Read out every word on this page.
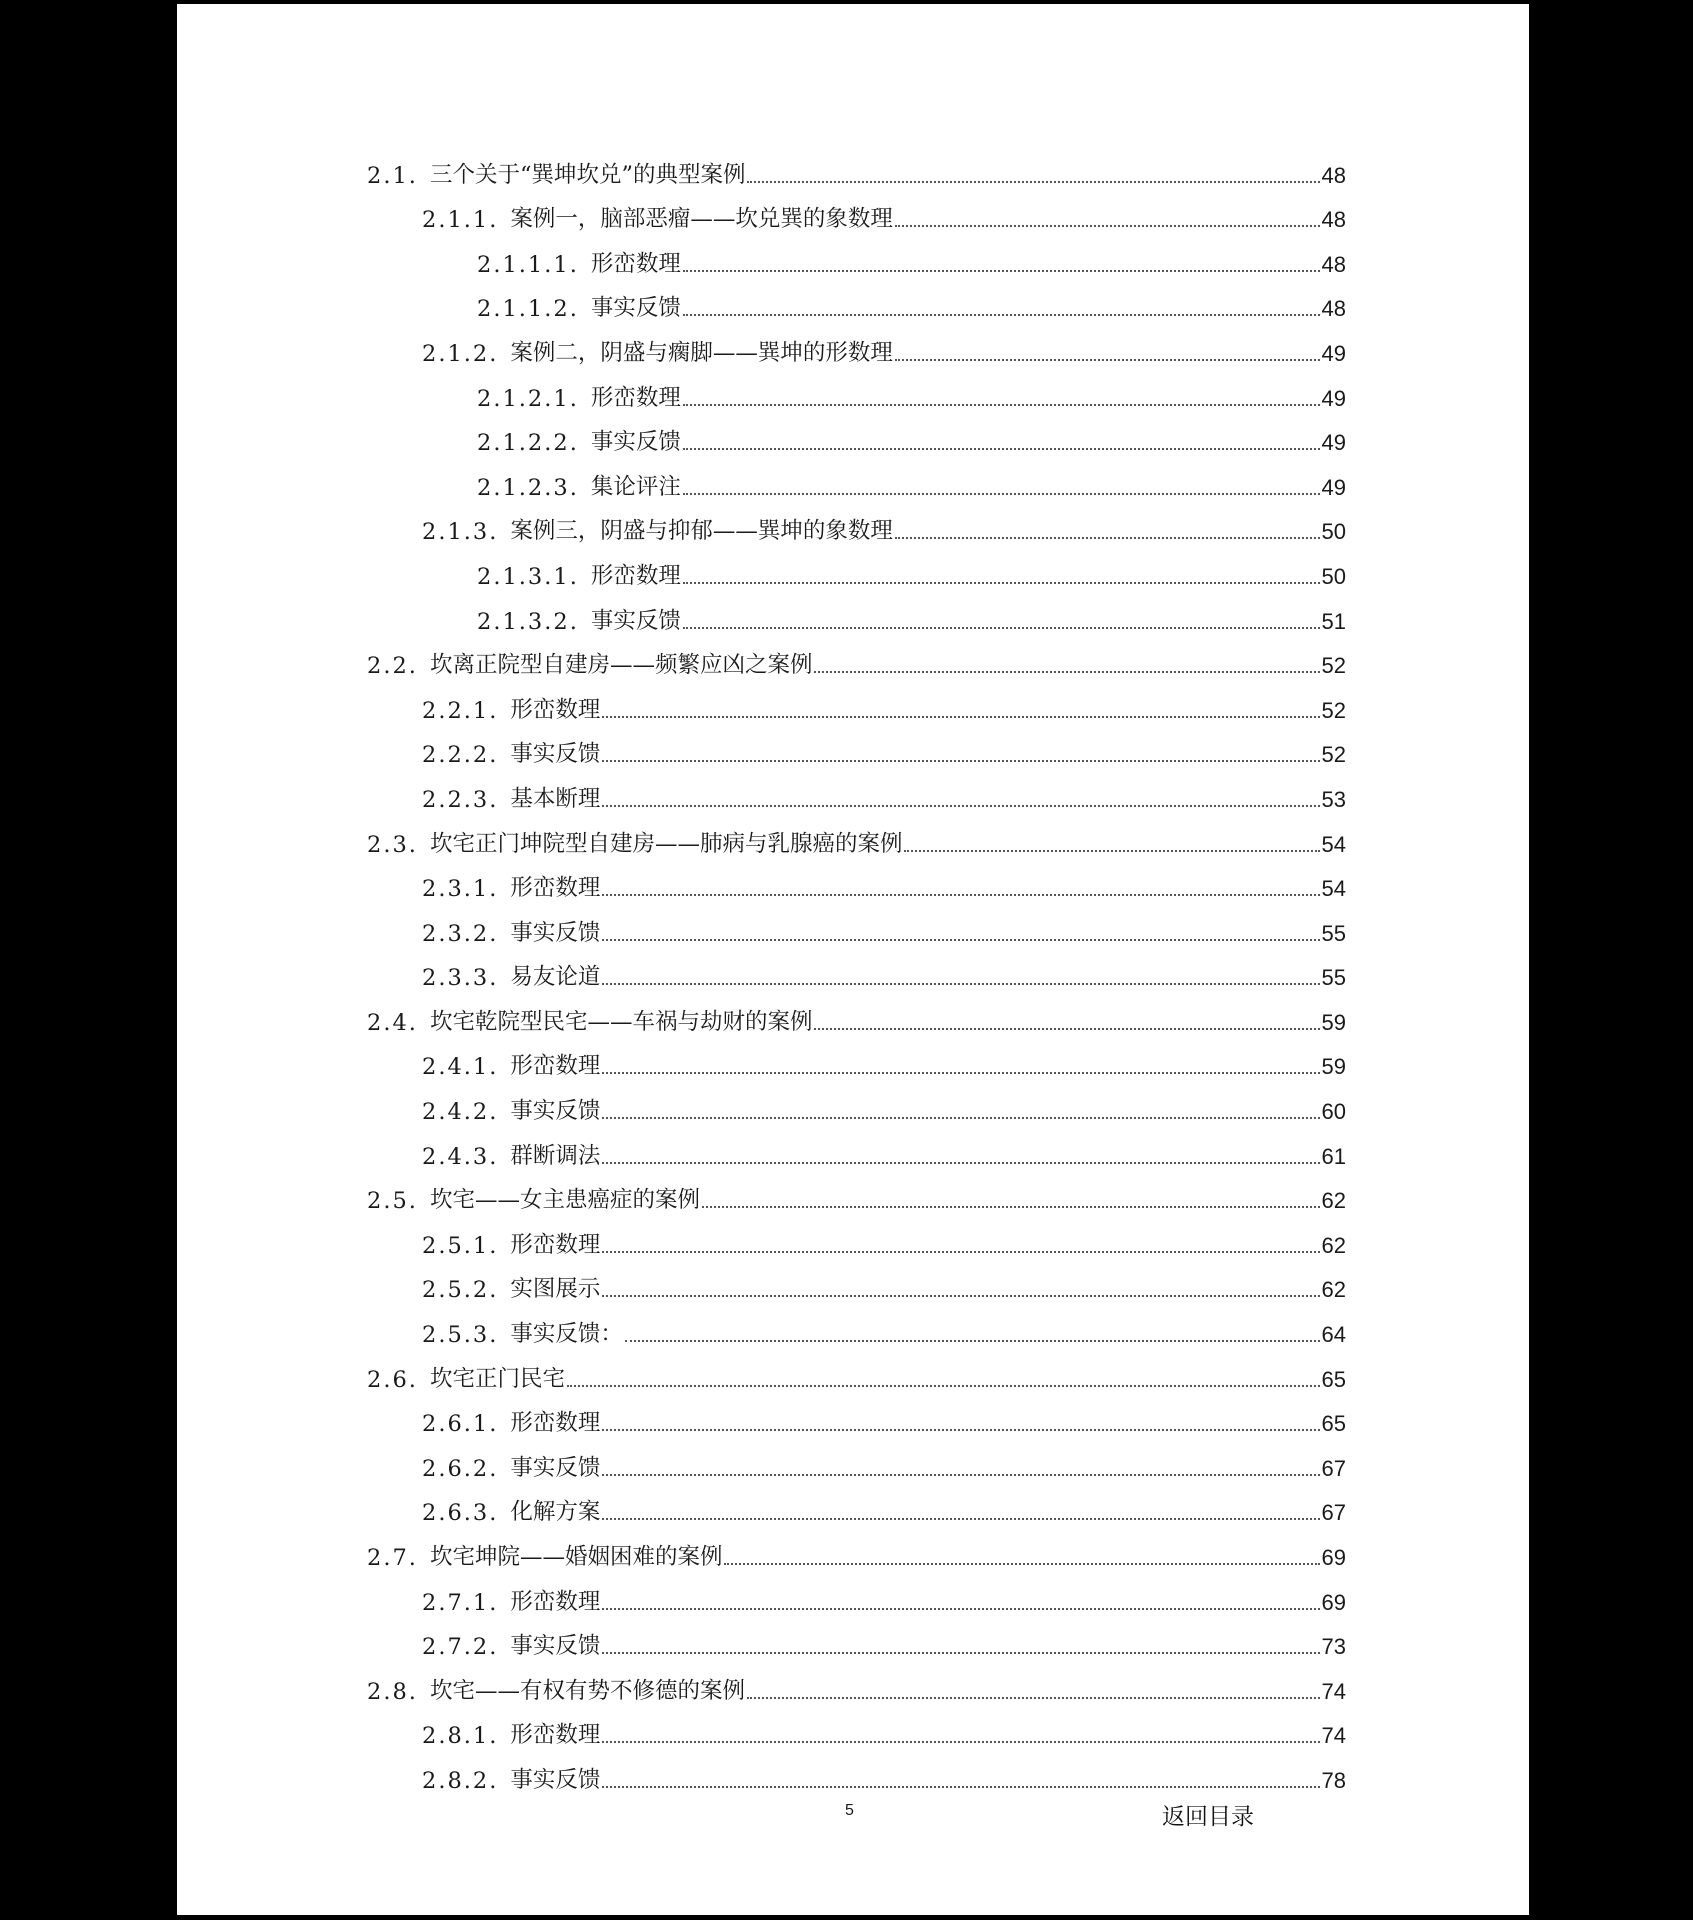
2.1. 三个关于“巽坤坎兑”的典型案例	48
2.1.1. 案例一，脑部恶瘤——坎兑巽的象数理	48
2.1.1.1. 形峦数理	48
2.1.1.2. 事实反馈	48
2.1.2. 案例二，阴盛与瘸脚——巽坤的形数理	49
2.1.2.1. 形峦数理	49
2.1.2.2. 事实反馈	49
2.1.2.3. 集论评注	49
2.1.3. 案例三，阴盛与抑郁——巽坤的象数理	50
2.1.3.1. 形峦数理	50
2.1.3.2. 事实反馈	51
2.2. 坎离正院型自建房——频繁应凶之案例	52
2.2.1. 形峦数理	52
2.2.2. 事实反馈	52
2.2.3. 基本断理	53
2.3. 坎宅正门坤院型自建房——肺病与乳腺癌的案例	54
2.3.1. 形峦数理	54
2.3.2. 事实反馈	55
2.3.3. 易友论道	55
2.4. 坎宅乾院型民宅——车祸与劫财的案例	59
2.4.1. 形峦数理	59
2.4.2. 事实反馈	60
2.4.3. 群断调法	61
2.5. 坎宅——女主患癌症的案例	62
2.5.1. 形峦数理	62
2.5.2. 实图展示	62
2.5.3. 事实反馈：	64
2.6. 坎宅正门民宅	65
2.6.1. 形峦数理	65
2.6.2. 事实反馈	67
2.6.3. 化解方案	67
2.7. 坎宅坤院——婚姻困难的案例	69
2.7.1. 形峦数理	69
2.7.2. 事实反馈	73
2.8. 坎宅——有权有势不修德的案例	74
2.8.1. 形峦数理	74
2.8.2. 事实反馈	78
5	返回目录
